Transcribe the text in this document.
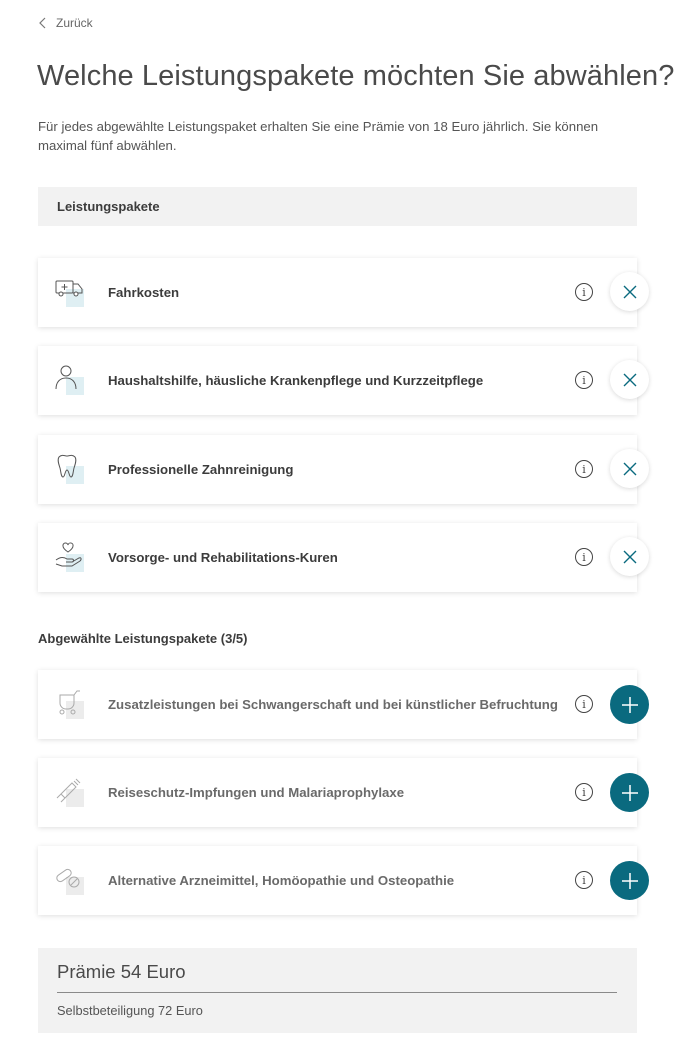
Zurück
Welche Leistungspakete möchten Sie abwählen?

Für jedes abgewählte Leistungspaket erhalten Sie eine Prämie von 18 Euro jährlich. Sie können maximal fünf abwählen.

Leistungspakete
Fahrkosten	i
Haushaltshilfe, häusliche Krankenpflege und Kurzzeitpflege	i
Professionelle Zahnreinigung	i
Vorsorge- und Rehabilitations-Kuren	i
Abgewählte Leistungspakete (3/5)
Zusatzleistungen bei Schwangerschaft und bei künstlicher Befruchtung	i
Reiseschutz-Impfungen und Malariaprophylaxe	i
Alternative Arzneimittel, Homöopathie und Osteopathie	i
Prämie 54 Euro
Selbstbeteiligung 72 Euro
